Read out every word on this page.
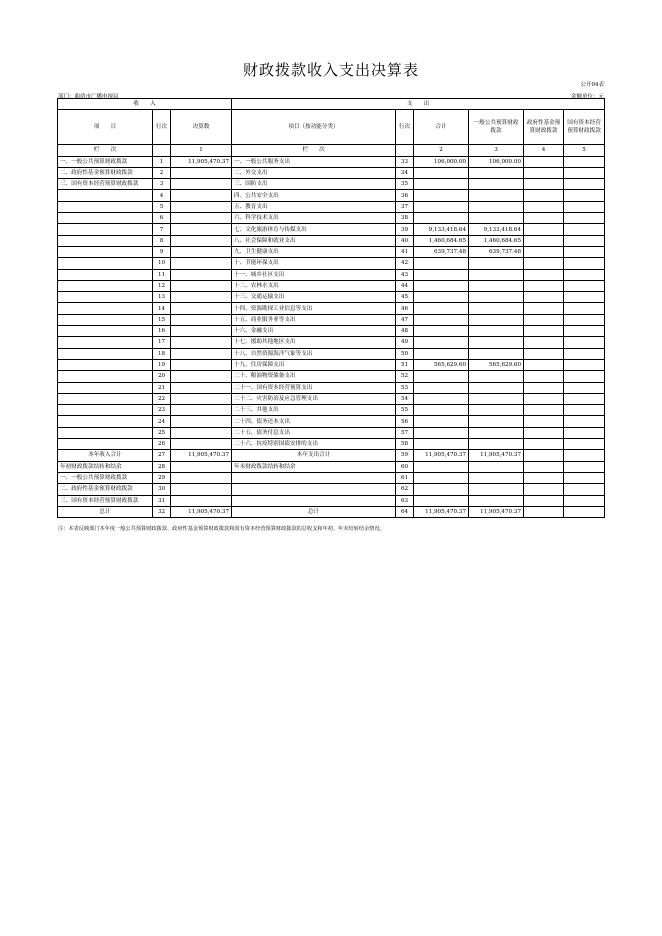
财政拨款收入支出决算表
公开04表
部门：曲靖市广播电视局	金额单位：元
收　　入			支　　出					
项　　目	行次	决算数	项目（按功能分类）	行次	合计	一般公共预算财政拨款	政府性基金预算财政拨款	国有资本经营预算财政拨款
栏　　次		1	栏　　次		2	3	4	5
一、一般公共预算财政拨款	1	11,905,470.37	一、一般公共服务支出	33	106,000.00	106,000.00		
二、政府性基金预算财政拨款	2		二、外交支出	34				
三、国有资本经营预算财政拨款	3		三、国防支出	35				
	4		四、公共安全支出	36				
	5		五、教育支出	37				
	6		六、科学技术支出	38				
	7		七、文化旅游体育与传媒支出	39	9,133,418.64	9,133,418.64		
	8		八、社会保障和就业支出	40	1,460,684.65	1,460,684.65		
	9		九、卫生健康支出	41	639,737.48	639,737.48		
	10		十、节能环保支出	42				
	11		十一、城乡社区支出	43				
	12		十二、农林水支出	44				
	13		十三、交通运输支出	45				
	14		十四、资源勘探工业信息等支出	46				
	15		十五、商业服务业等支出	47				
	16		十六、金融支出	48				
	17		十七、援助其他地区支出	49				
	18		十八、自然资源海洋气象等支出	50				
	19		十九、住房保障支出	51	565,629.60	565,629.60		
	20		二十、粮油物资储备支出	52				
	21		二十一、国有资本经营预算支出	53				
	22		二十二、灾害防治及应急管理支出	54				
	23		二十三、其他支出	55				
	24		二十四、债务还本支出	56				
	25		二十五、债务付息支出	57				
	26		二十六、抗疫特别国债安排的支出	58				
本年收入合计	27	11,905,470.37	本年支出合计	59	11,905,470.37	11,905,470.37		
年初财政拨款结转和结余	28		年末财政拨款结转和结余	60				
一、一般公共预算财政拨款	29			61				
二、政府性基金预算财政拨款	30			62				
三、国有资本经营预算财政拨款	31			63				
总计	32	11,905,470.37	总计	64	11,905,470.37	11,905,470.37		
注：本表反映部门本年度一般公共预算财政拨款、政府性基金预算财政拨款和国有资本经营预算财政拨款的总收支和年初、年末结转结余情况。
